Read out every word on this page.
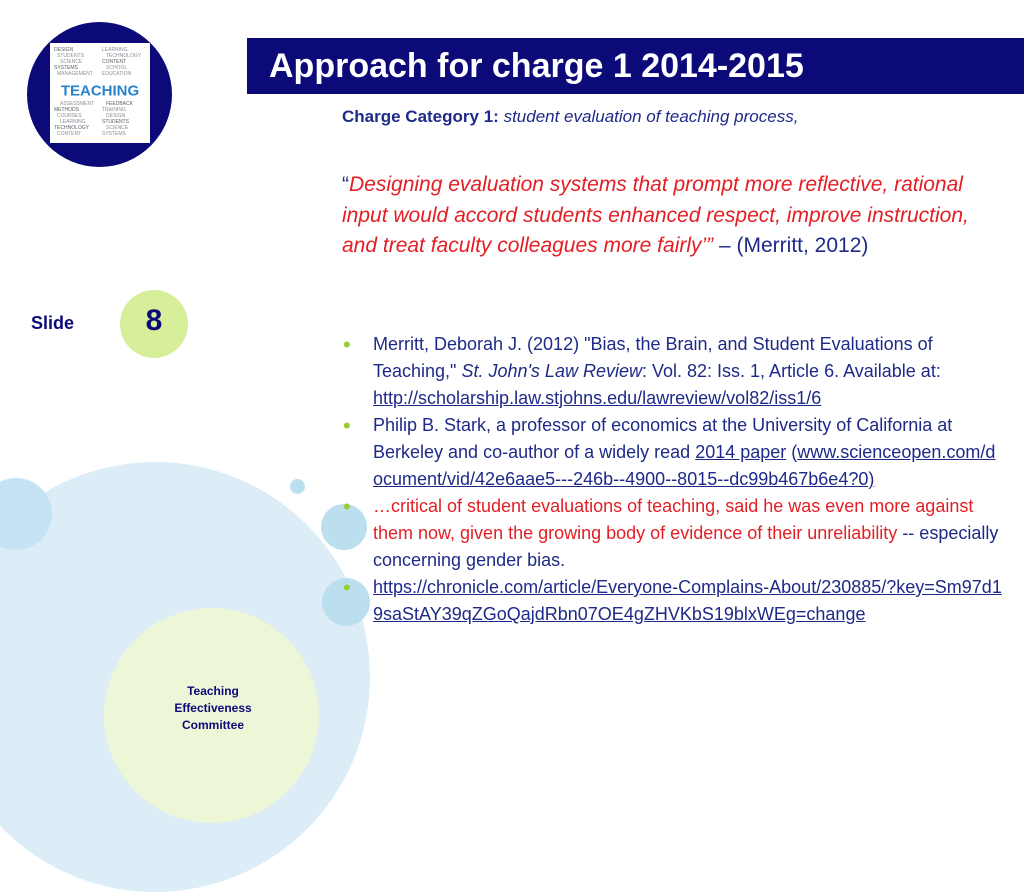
Approach for charge 1 2014-2015
DESIGN	LEARNING
STUDENTS	TECHNOLOGY
SCIENCE	CONTENT
SYSTEMS	SCHOOL
MANAGEMENT EDUCATION
ASSESSMENT FEEDBACK
METHODS	TRAINING
COURSES	DESIGN
LEARNING	STUDENTS
TECHNOLOGY	SCIENCE
CONTENT	SYSTEMS
TEACHING
Slide	8
Teaching
Effectiveness
Committee
Charge Category 1: student evaluation of teaching process,
“Designing evaluation systems that prompt more reflective, rational input would accord students enhanced respect, improve instruction, and treat faculty colleagues more fairly’” – (Merritt, 2012)
• Merritt, Deborah J. (2012) "Bias, the Brain, and Student Evaluations of Teaching," St. John's Law Review: Vol. 82: Iss. 1, Article 6. Available at: http://scholarship.law.stjohns.edu/lawreview/vol82/iss1/6
• Philip B. Stark, a professor of economics at the University of California at Berkeley and co-author of a widely read 2014 paper (www.scienceopen.com/document/vid/42e6aae5---246b--4900--8015--dc99b467b6e4?0)
• …critical of student evaluations of teaching, said he was even more against them now, given the growing body of evidence of their unreliability -- especially concerning gender bias.
• https://chronicle.com/article/Everyone-Complains-About/230885/?key=Sm97d19saStAY39qZGoQajdRbn07OE4gZHVKbS19blxWEg=change
